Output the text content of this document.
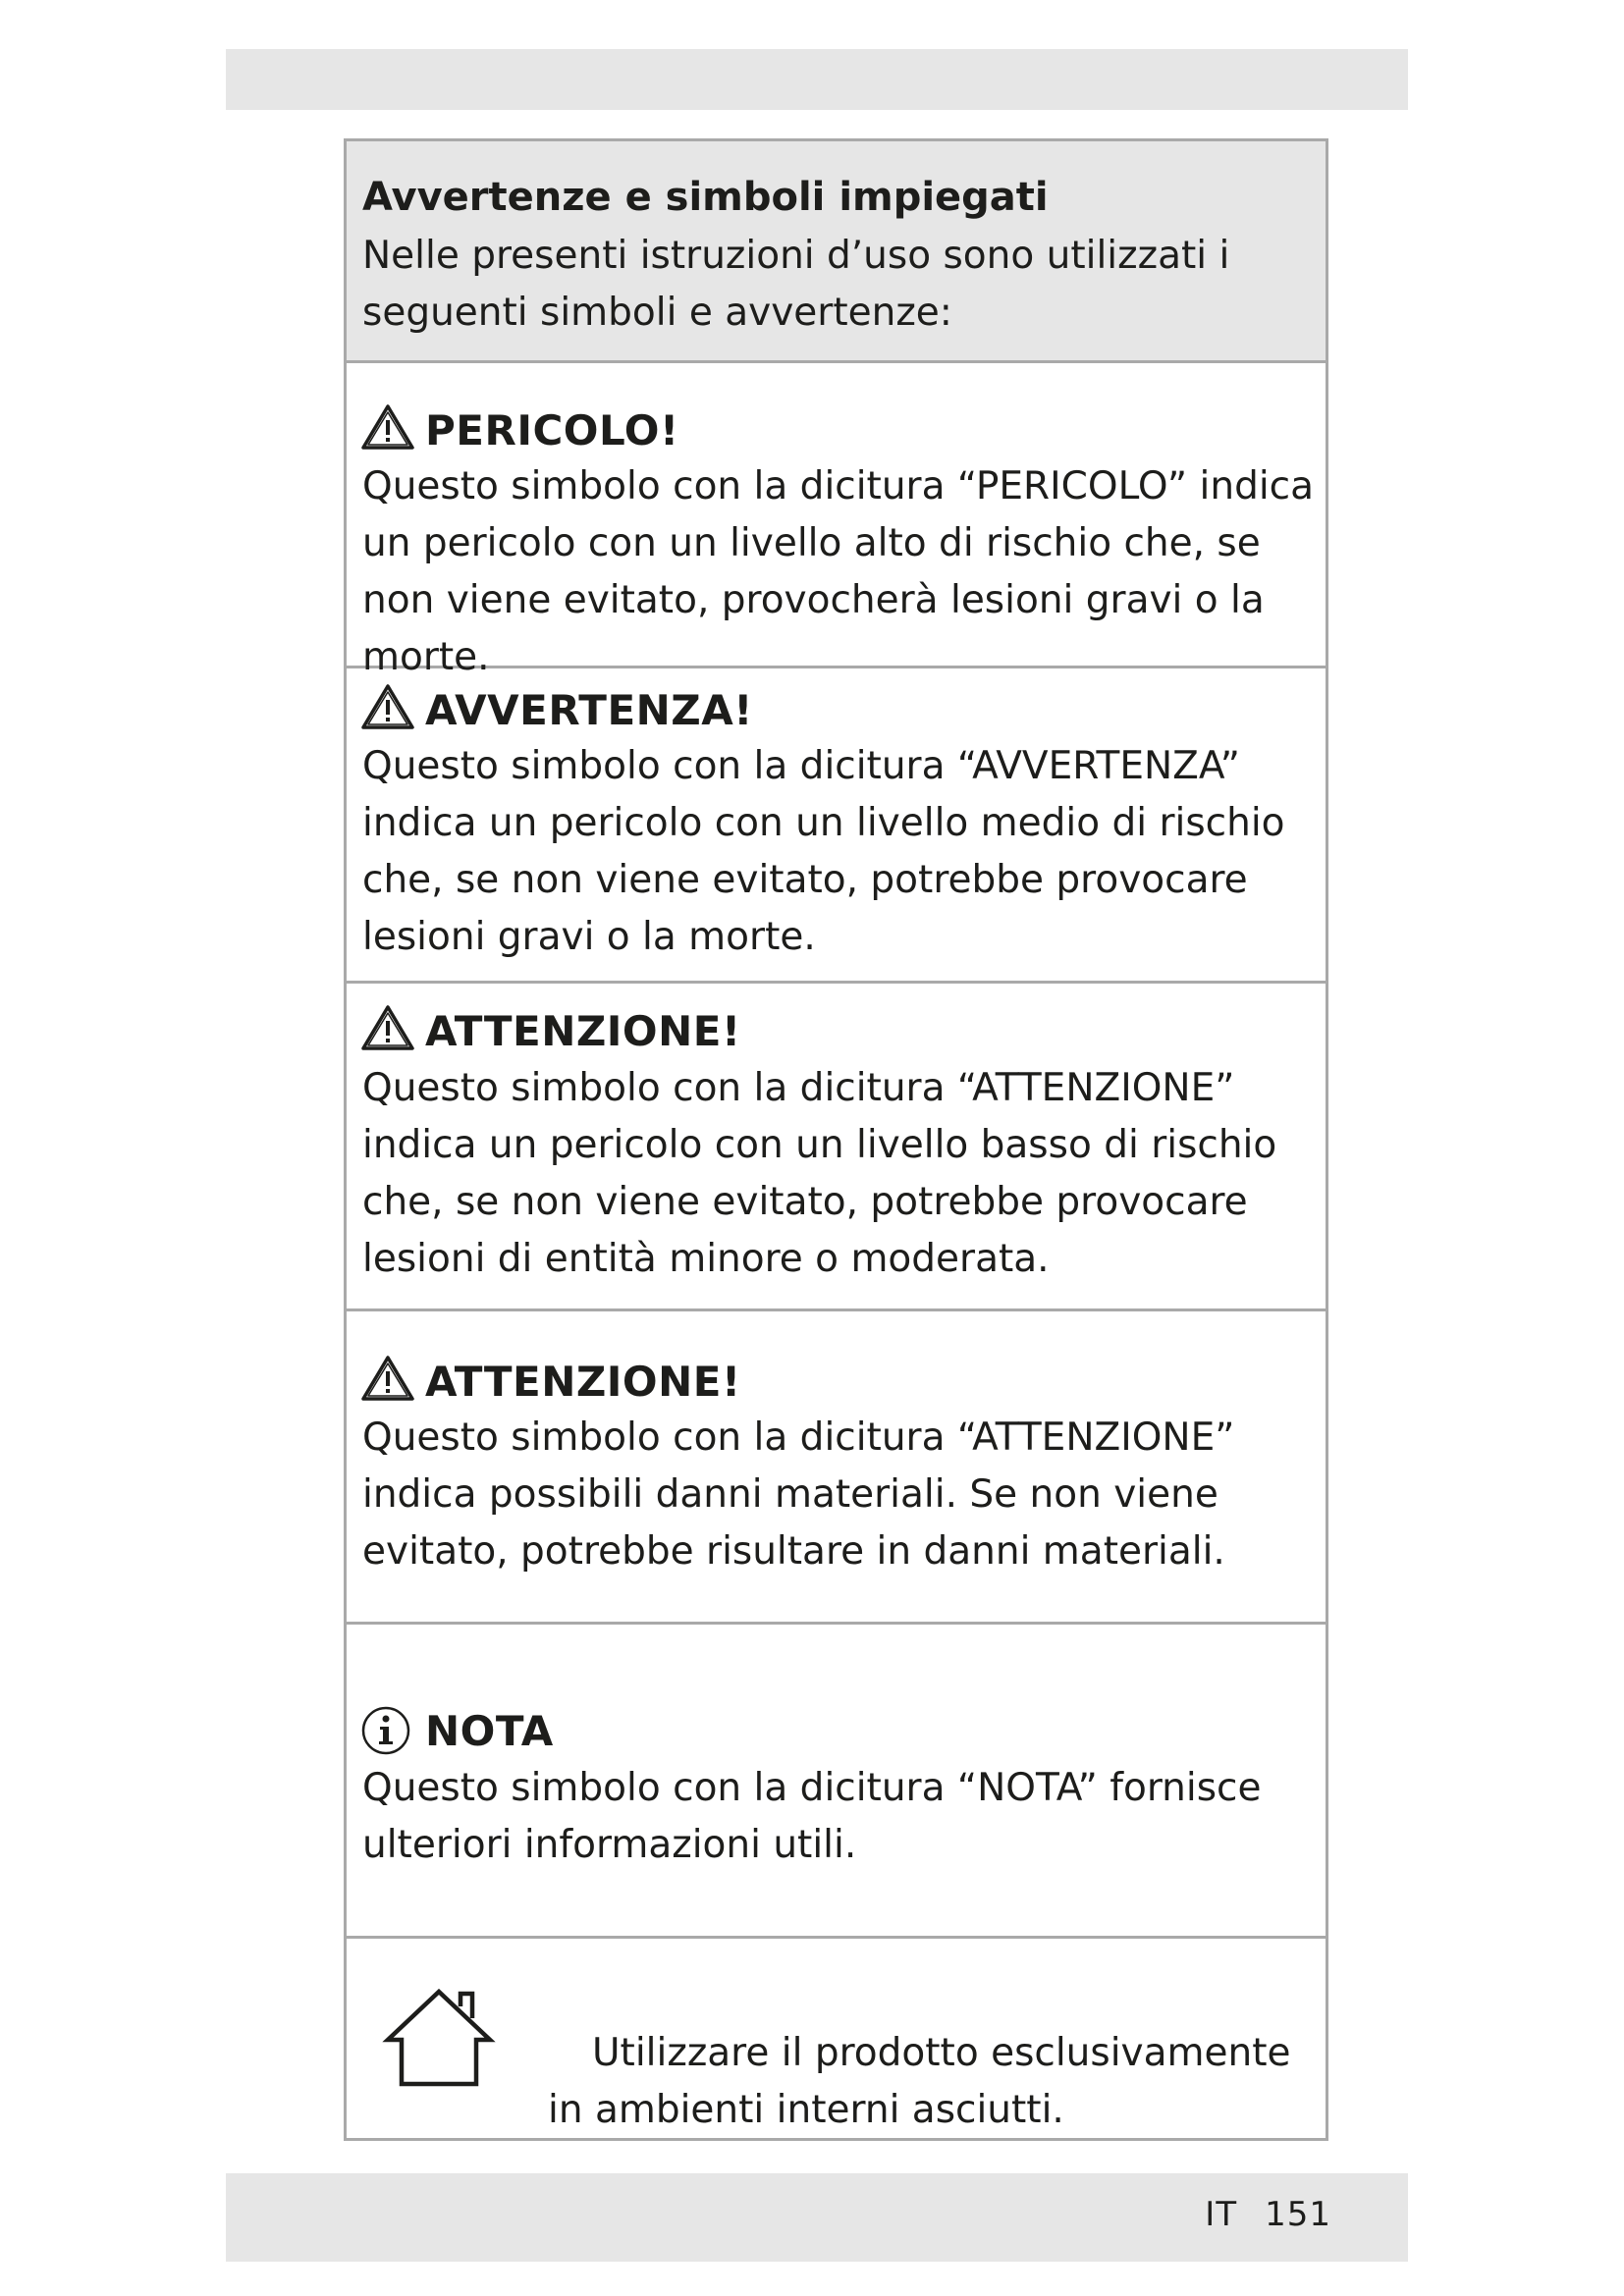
Avvertenze e simboli impiegati
Nelle presenti istruzioni d’uso sono utilizzati i seguenti simboli e avvertenze:
PERICOLO!
Questo simbolo con la dicitura “PERICOLO” indica un pericolo con un livello alto di rischio che, se non viene evitato, provocherà lesioni gravi o la morte.
AVVERTENZA!
Questo simbolo con la dicitura “AVVERTENZA” indica un pericolo con un livello medio di rischio che, se non viene evitato, potrebbe provocare lesioni gravi o la morte.
ATTENZIONE!
Questo simbolo con la dicitura “ATTENZIONE” indica un pericolo con un livello basso di rischio che, se non viene evitato, potrebbe provocare lesioni di entità minore o moderata.
ATTENZIONE!
Questo simbolo con la dicitura “ATTENZIONE” indica possibili danni materiali. Se non viene evitato, potrebbe risultare in danni materiali.
NOTA
Questo simbolo con la dicitura “NOTA” fornisce ulteriori informazioni utili.
Utilizzare il prodotto esclusivamente in ambienti interni asciutti.
IT 151
